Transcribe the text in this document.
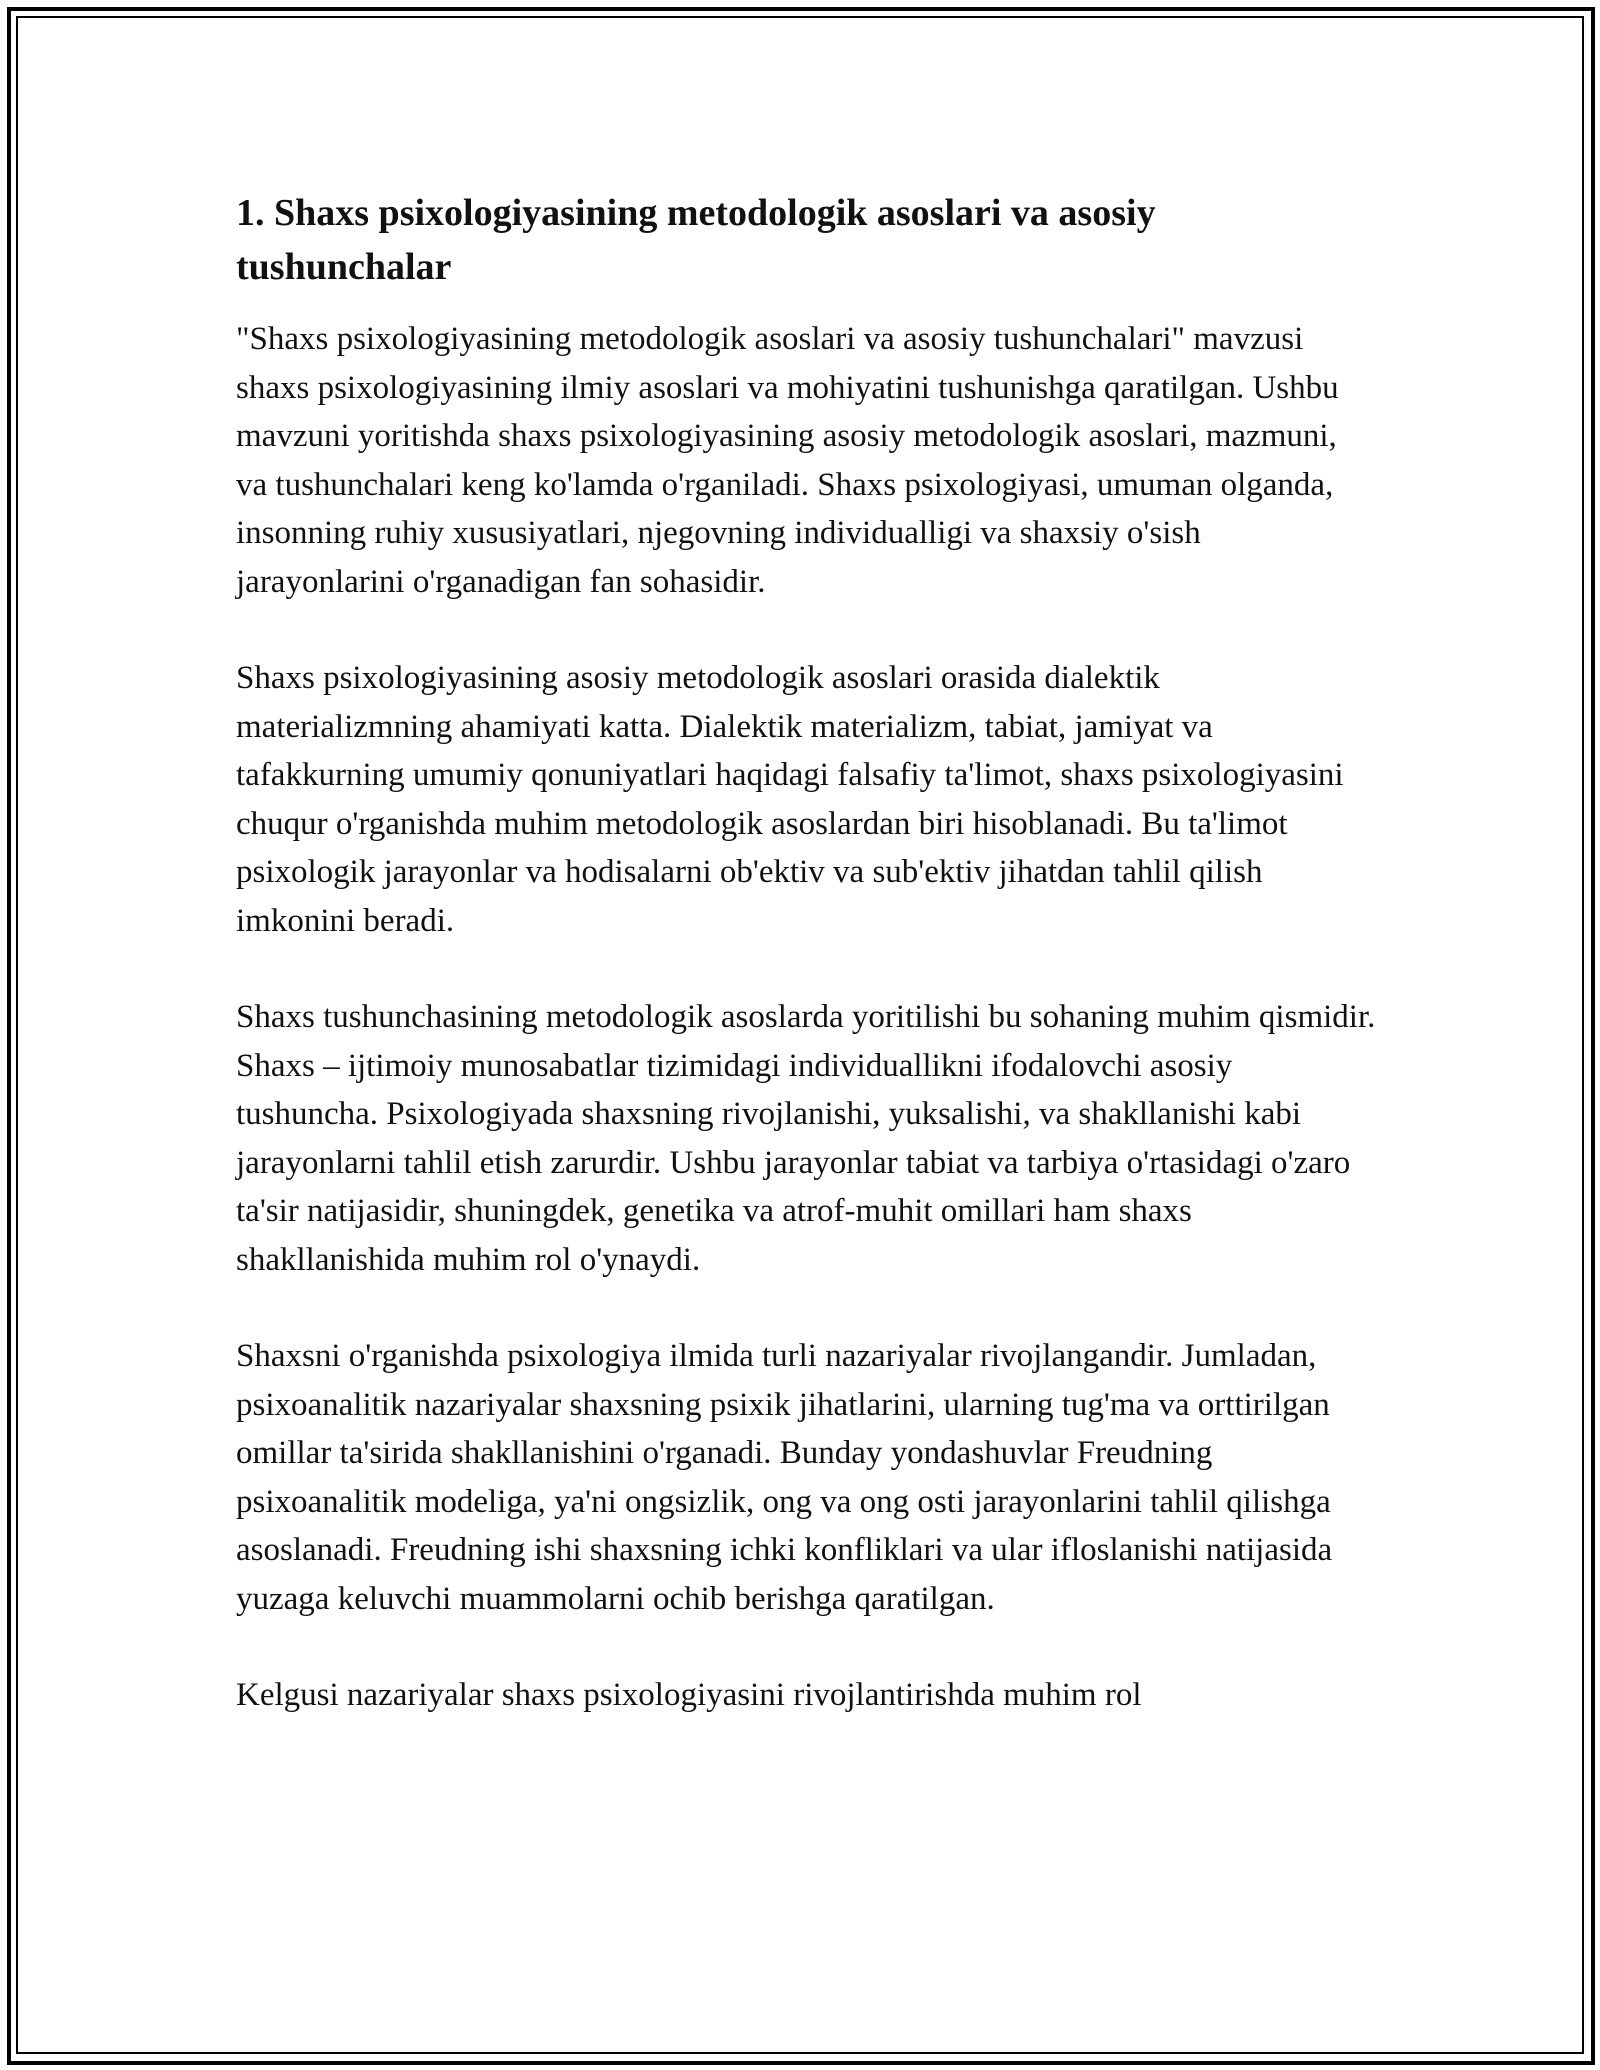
1. Shaxs psixologiyasining metodologik asoslari va asosiy tushunchalar

"Shaxs psixologiyasining metodologik asoslari va asosiy tushunchalari" mavzusi shaxs psixologiyasining ilmiy asoslari va mohiyatini tushunishga qaratilgan. Ushbu mavzuni yoritishda shaxs psixologiyasining asosiy metodologik asoslari, mazmuni, va tushunchalari keng ko'lamda o'rganiladi. Shaxs psixologiyasi, umuman olganda, insonning ruhiy xususiyatlari, njegovning individualligi va shaxsiy o'sish jarayonlarini o'rganadigan fan sohasidir.

Shaxs psixologiyasining asosiy metodologik asoslari orasida dialektik materializmning ahamiyati katta. Dialektik materializm, tabiat, jamiyat va tafakkurning umumiy qonuniyatlari haqidagi falsafiy ta'limot, shaxs psixologiyasini chuqur o'rganishda muhim metodologik asoslardan biri hisoblanadi. Bu ta'limot psixologik jarayonlar va hodisalarni ob'ektiv va sub'ektiv jihatdan tahlil qilish imkonini beradi.

Shaxs tushunchasining metodologik asoslarda yoritilishi bu sohaning muhim qismidir. Shaxs – ijtimoiy munosabatlar tizimidagi individuallikni ifodalovchi asosiy tushuncha. Psixologiyada shaxsning rivojlanishi, yuksalishi, va shakllanishi kabi jarayonlarni tahlil etish zarurdir. Ushbu jarayonlar tabiat va tarbiya o'rtasidagi o'zaro ta'sir natijasidir, shuningdek, genetika va atrof-muhit omillari ham shaxs shakllanishida muhim rol o'ynaydi.

Shaxsni o'rganishda psixologiya ilmida turli nazariyalar rivojlangandir. Jumladan, psixoanalitik nazariyalar shaxsning psixik jihatlarini, ularning tug'ma va orttirilgan omillar ta'sirida shakllanishini o'rganadi. Bunday yondashuvlar Freudning psixoanalitik modeliga, ya'ni ongsizlik, ong va ong osti jarayonlarini tahlil qilishga asoslanadi. Freudning ishi shaxsning ichki konfliklari va ular ifloslanishi natijasida yuzaga keluvchi muammolarni ochib berishga qaratilgan.

Kelgusi nazariyalar shaxs psixologiyasini rivojlantirishda muhim rol
